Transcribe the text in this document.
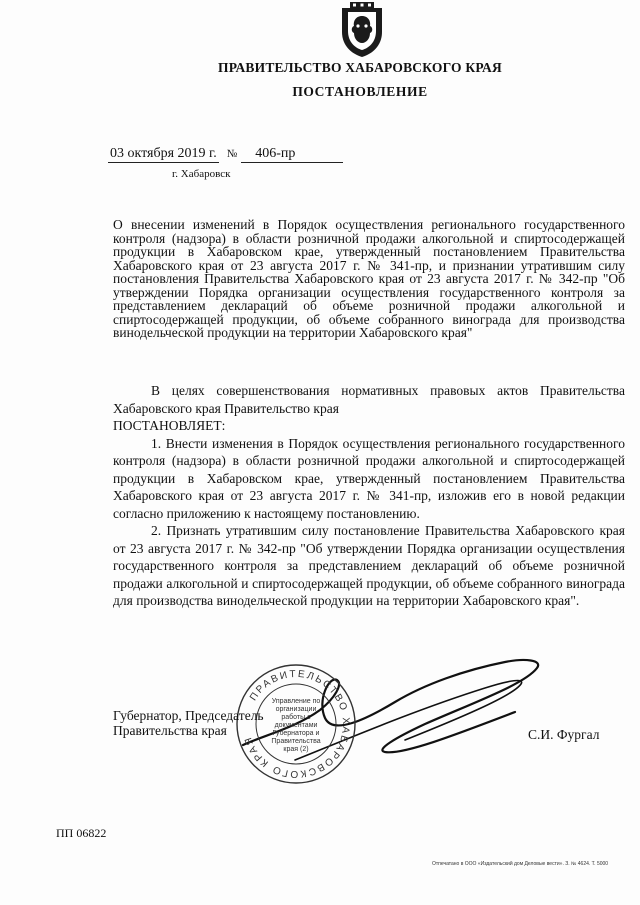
ПРАВИТЕЛЬСТВО ХАБАРОВСКОГО КРАЯ
ПОСТАНОВЛЕНИЕ
03 октября 2019 г. № 406-пр
г. Хабаровск
О внесении изменений в Порядок осуществления регионального государственного контроля (надзора) в области розничной продажи алкогольной и спиртосодержащей продукции в Хабаровском крае, утвержденный постановлением Правительства Хабаровского края от 23 августа 2017 г. № 341-пр, и признании утратившим силу постановления Правительства Хабаровского края от 23 августа 2017 г. № 342-пр "Об утверждении Порядка организации осуществления государственного контроля за представлением деклараций об объеме розничной продажи алкогольной и спиртосодержащей продукции, об объеме собранного винограда для производства винодельческой продукции на территории Хабаровского края"

В целях совершенствования нормативных правовых актов Правительства Хабаровского края Правительство края

ПОСТАНОВЛЯЕТ:

1. Внести изменения в Порядок осуществления регионального государственного контроля (надзора) в области розничной продажи алкогольной и спиртосодержащей продукции в Хабаровском крае, утвержденный постановлением Правительства Хабаровского края от 23 августа 2017 г. № 341-пр, изложив его в новой редакции согласно приложению к настоящему постановлению.

2. Признать утратившим силу постановление Правительства Хабаровского края от 23 августа 2017 г. № 342-пр "Об утверждении Порядка организации осуществления государственного контроля за представлением деклараций об объеме розничной продажи алкогольной и спиртосодержащей продукции, об объеме собранного винограда для производства винодельческой продукции на территории Хабаровского края".

ПРАВИТЕЛЬСТВО ХАБАРОВСКОГО КРАЯ
Управление по организации работы с документами Губернатора и Правительства края (2)
Губернатор, Председатель
Правительства края	С.И. Фургал
ПП 06822
Отпечатано в ООО «Издательский дом Деловые вести». З. № 4624. Т. 5000
